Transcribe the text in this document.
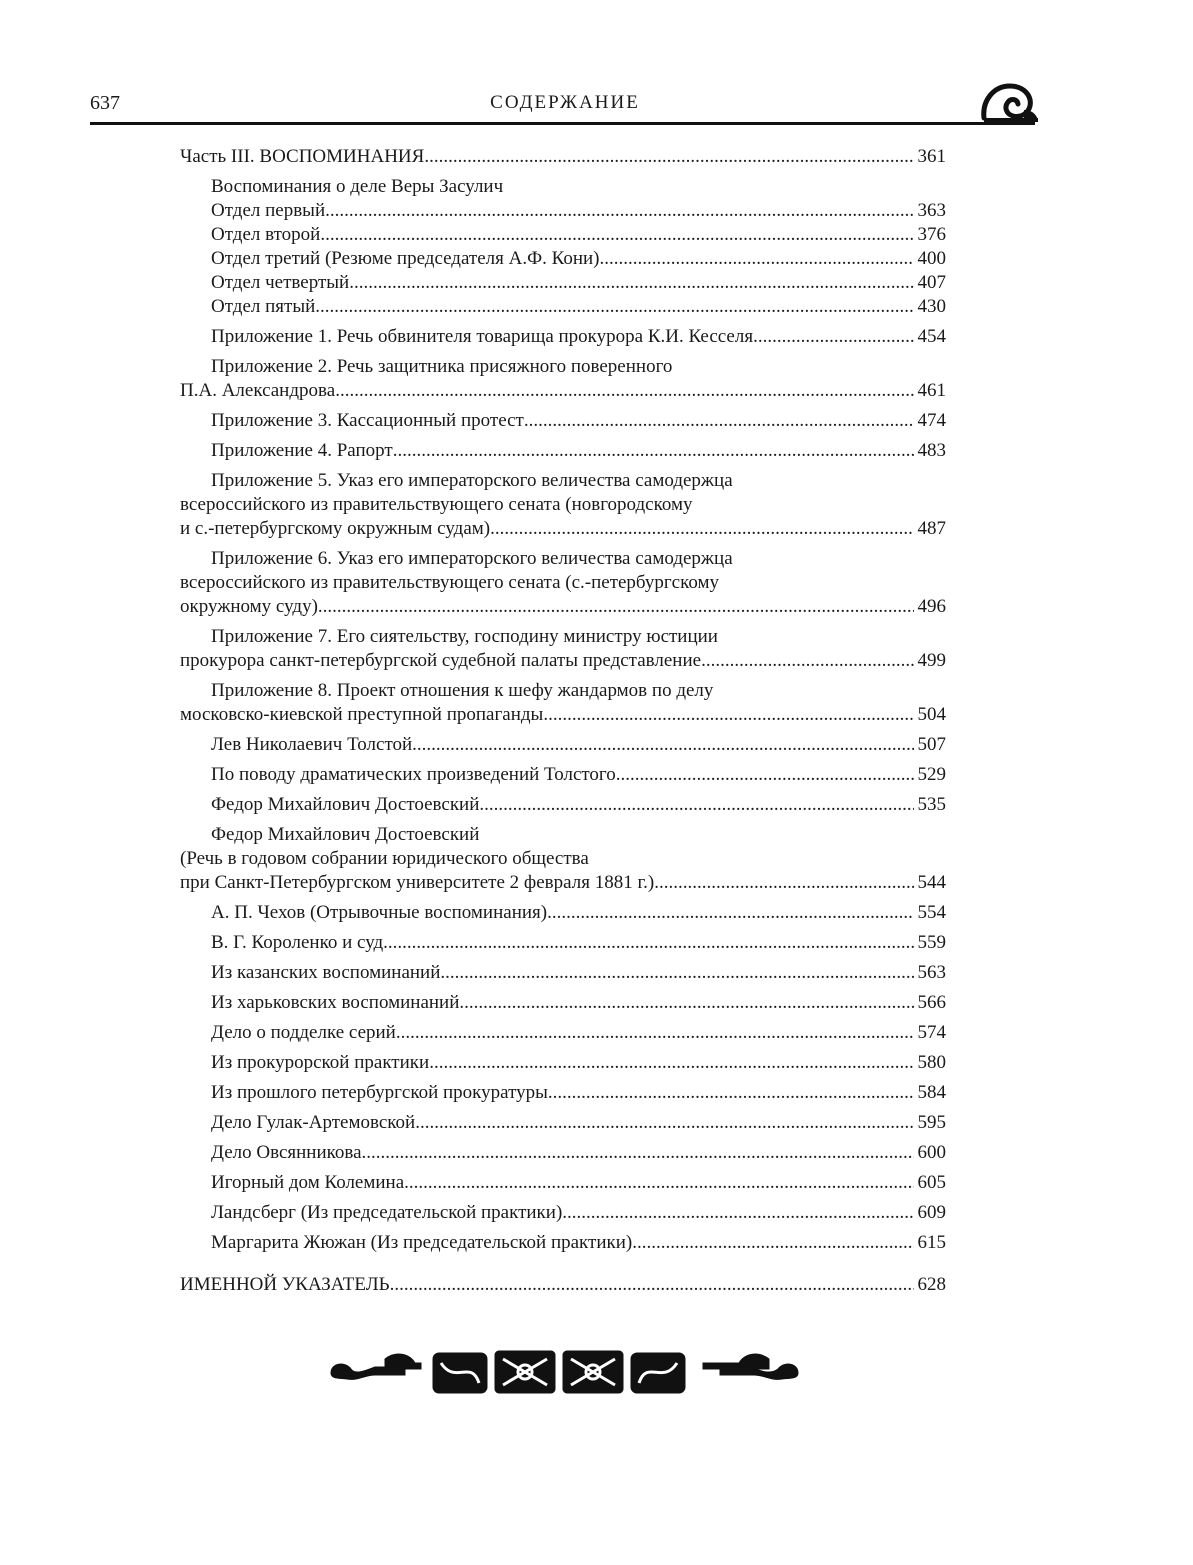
637	СОДЕРЖАНИЕ
Часть III. ВОСПОМИНАНИЯ .....	361
Воспоминания о деле Веры Засулич
Отдел первый. .....	363
Отдел второй .....	376
Отдел третий (Резюме председателя А.Ф. Кони) .....	400
Отдел четвертый .....	407
Отдел пятый .....	430
Приложение 1. Речь обвинителя товарища прокурора К.И. Кесселя .....	454
Приложение 2. Речь защитника присяжного поверенного
П.А. Александрова .....	461
Приложение 3. Кассационный протест .....	474
Приложение 4. Рапорт .....	483
Приложение 5. Указ его императорского величества самодержца
всероссийского из правительствующего сената (новгородскому
и с.-петербургскому окружным судам) .....	487
Приложение 6. Указ его императорского величества самодержца
всероссийского из правительствующего сената (с.-петербургскому
окружному суду) .....	496
Приложение 7. Его сиятельству, господину министру юстиции
прокурора санкт-петербургской судебной палаты представление .....	499
Приложение 8. Проект отношения к шефу жандармов по делу
московско-киевской преступной пропаганды .....	504
Лев Николаевич Толстой .....	507
По поводу драматических произведений Толстого .....	529
Федор Михайлович Достоевский .....	535
Федор Михайлович Достоевский
(Речь в годовом собрании юридического общества
при Санкт-Петербургском университете 2 февраля 1881 г.) .....	544
А. П. Чехов (Отрывочные воспоминания) .....	554
В. Г. Короленко и суд .....	559
Из казанских воспоминаний .....	563
Из харьковских воспоминаний .....	566
Дело о подделке серий .....	574
Из прокурорской практики .....	580
Из прошлого петербургской прокуратуры .....	584
Дело Гулак-Артемовской .....	595
Дело Овсянникова .....	600
Игорный дом Колемина .....	605
Ландсберг (Из председательской практики) .....	609
Маргарита Жюжан (Из председательской практики) .....	615
ИМЕННОЙ УКАЗАТЕЛЬ .....	628
